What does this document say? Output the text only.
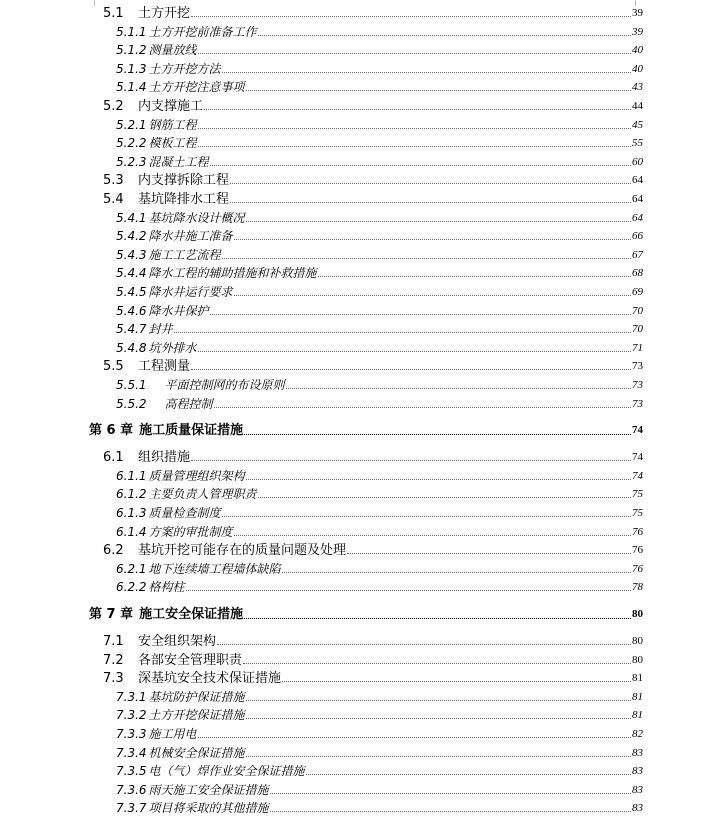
5.1 土方开挖	39
5.1.1 土方开挖前准备工作	39
5.1.2 测量放线	40
5.1.3 土方开挖方法	40
5.1.4 土方开挖注意事项	43
5.2 内支撑施工	44
5.2.1 钢筋工程	45
5.2.2 模板工程	55
5.2.3 混凝土工程	60
5.3 内支撑拆除工程	64
5.4 基坑降排水工程	64
5.4.1 基坑降水设计概况	64
5.4.2 降水井施工准备	66
5.4.3 施工工艺流程	67
5.4.4 降水工程的辅助措施和补救措施	68
5.4.5 降水井运行要求	69
5.4.6 降水井保护	70
5.4.7 封井	70
5.4.8 坑外排水	71
5.5 工程测量	73
5.5.1 平面控制网的布设原则	73
5.5.2 高程控制	73
第 6 章 施工质量保证措施	74
6.1 组织措施	74
6.1.1 质量管理组织架构	74
6.1.2 主要负责人管理职责	75
6.1.3 质量检查制度	75
6.1.4 方案的审批制度	76
6.2 基坑开挖可能存在的质量问题及处理	76
6.2.1 地下连续墙工程墙体缺陷	76
6.2.2 格构柱	78
第 7 章 施工安全保证措施	80
7.1 安全组织架构	80
7.2 各部安全管理职责	80
7.3 深基坑安全技术保证措施	81
7.3.1 基坑防护保证措施	81
7.3.2 土方开挖保证措施	81
7.3.3 施工用电	82
7.3.4 机械安全保证措施	83
7.3.5 电（气）焊作业安全保证措施	83
7.3.6 雨天施工安全保证措施	83
7.3.7 项目将采取的其他措施	83
